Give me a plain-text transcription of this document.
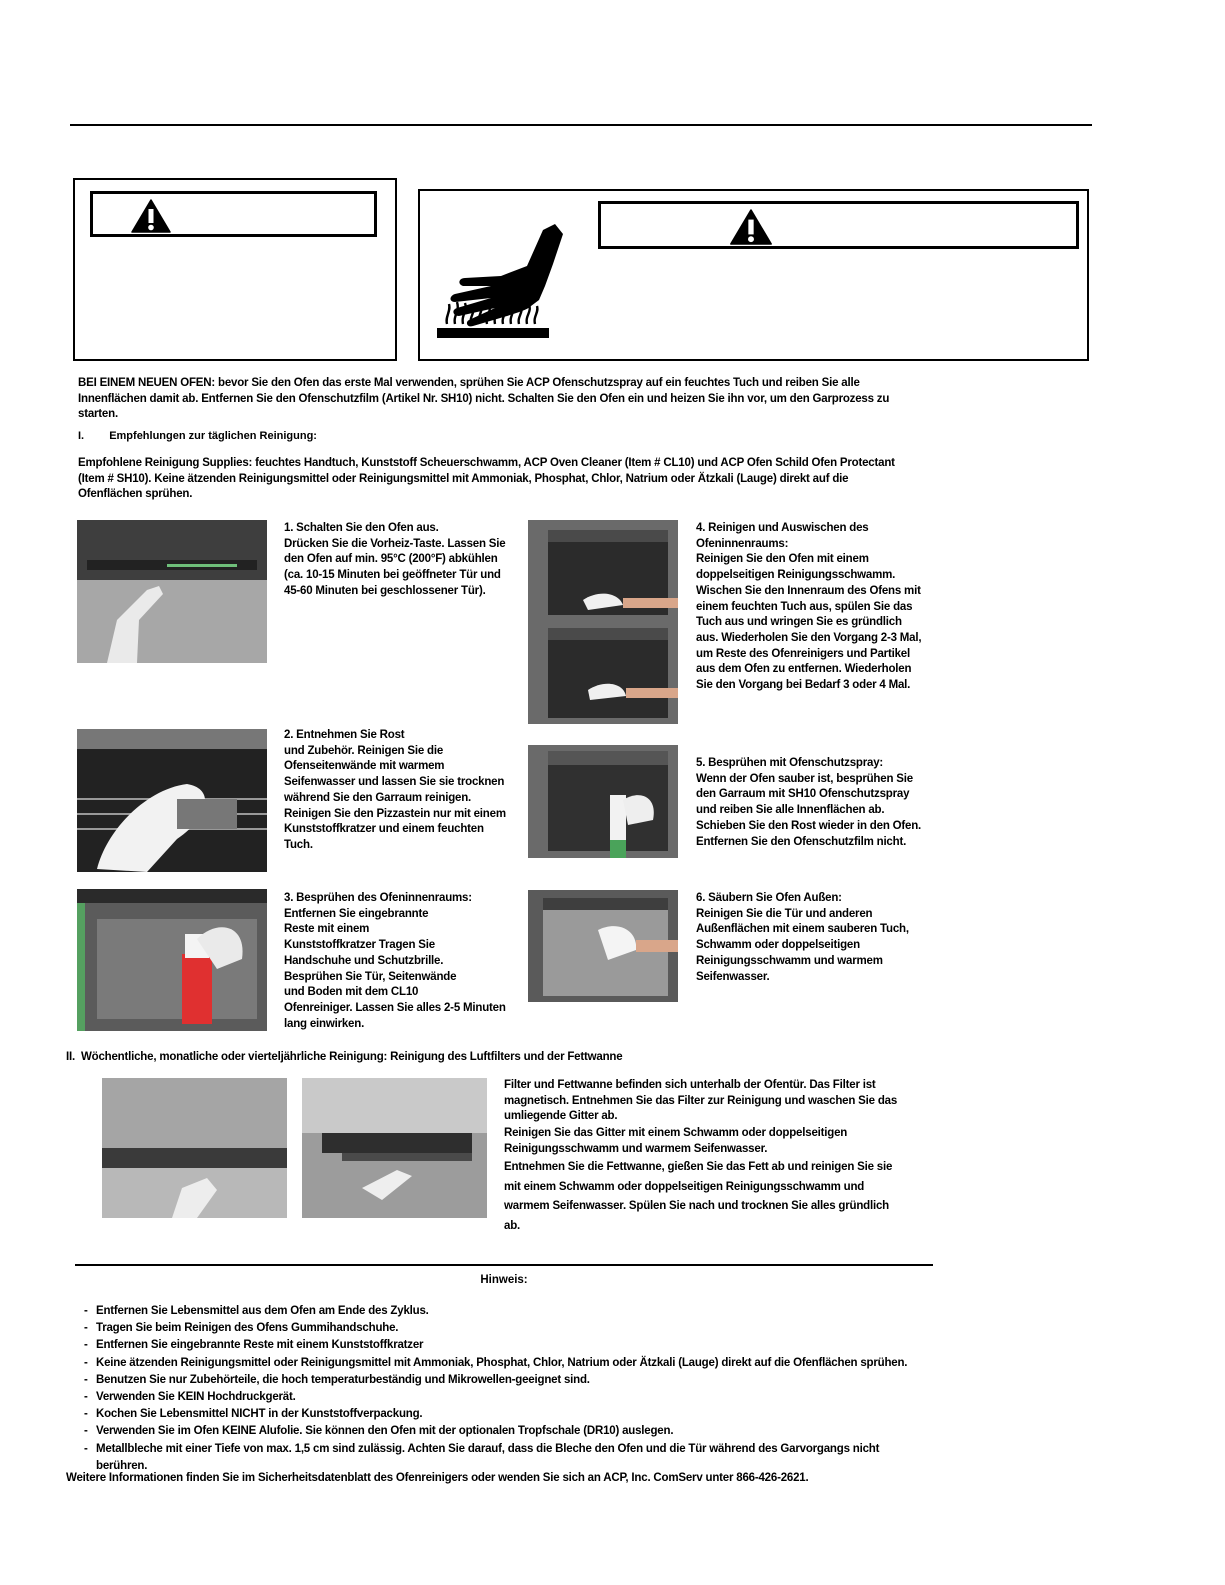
BEI EINEM NEUEN OFEN: bevor Sie den Ofen das erste Mal verwenden, sprühen Sie ACP Ofenschutzspray auf ein feuchtes Tuch und reiben Sie alle Innenflächen damit ab. Entfernen Sie den Ofenschutzfilm (Artikel Nr. SH10) nicht. Schalten Sie den Ofen ein und heizen Sie ihn vor, um den Garprozess zu starten.
I. Empfehlungen zur täglichen Reinigung:
Empfohlene Reinigung Supplies: feuchtes Handtuch, Kunststoff Scheuerschwamm, ACP Oven Cleaner (Item # CL10) und ACP Ofen Schild Ofen Protectant (Item # SH10). Keine ätzenden Reinigungsmittel oder Reinigungsmittel mit Ammoniak, Phosphat, Chlor, Natrium oder Ätzkali (Lauge) direkt auf die Ofenflächen sprühen.
1. Schalten Sie den Ofen aus.
Drücken Sie die Vorheiz-Taste. Lassen Sie den Ofen auf min. 95°C (200°F) abkühlen (ca. 10-15 Minuten bei geöffneter Tür und 45-60 Minuten bei geschlossener Tür).
2. Entnehmen Sie Rost
und Zubehör. Reinigen Sie die Ofenseitenwände mit warmem Seifenwasser und lassen Sie sie trocknen während Sie den Garraum reinigen. Reinigen Sie den Pizzastein nur mit einem Kunststoffkratzer und einem feuchten Tuch.
3. Besprühen des Ofeninnenraums:
Entfernen Sie eingebrannte Reste mit einem Kunststoffkratzer Tragen Sie Handschuhe und Schutzbrille. Besprühen Sie Tür, Seitenwände und Boden mit dem CL10
Ofenreiniger. Lassen Sie alles 2-5 Minuten lang einwirken.
4. Reinigen und Auswischen des Ofeninnenraums:
Reinigen Sie den Ofen mit einem doppelseitigen Reinigungsschwamm. Wischen Sie den Innenraum des Ofens mit einem feuchten Tuch aus, spülen Sie das Tuch aus und wringen Sie es gründlich aus. Wiederholen Sie den Vorgang 2-3 Mal, um Reste des Ofenreinigers und Partikel aus dem Ofen zu entfernen. Wiederholen Sie den Vorgang bei Bedarf 3 oder 4 Mal.
5. Besprühen mit Ofenschutzspray:
Wenn der Ofen sauber ist, besprühen Sie den Garraum mit SH10 Ofenschutzspray und reiben Sie alle Innenflächen ab. Schieben Sie den Rost wieder in den Ofen. Entfernen Sie den Ofenschutzfilm nicht.
6. Säubern Sie Ofen Außen:
Reinigen Sie die Tür und anderen Außenflächen mit einem sauberen Tuch, Schwamm oder doppelseitigen Reinigungsschwamm und warmem Seifenwasser.
II.  Wöchentliche, monatliche oder vierteljährliche Reinigung: Reinigung des Luftfilters und der Fettwanne
Filter und Fettwanne befinden sich unterhalb der Ofentür. Das Filter ist magnetisch. Entnehmen Sie das Filter zur Reinigung und waschen Sie das umliegende Gitter ab.
Reinigen Sie das Gitter mit einem Schwamm oder doppelseitigen Reinigungsschwamm und warmem Seifenwasser.
Entnehmen Sie die Fettwanne, gießen Sie das Fett ab und reinigen Sie sie mit einem Schwamm oder doppelseitigen Reinigungsschwamm und warmem Seifenwasser. Spülen Sie nach und trocknen Sie alles gründlich ab.
Hinweis:
- Entfernen Sie Lebensmittel aus dem Ofen am Ende des Zyklus.
- Tragen Sie beim Reinigen des Ofens Gummihandschuhe.
- Entfernen Sie eingebrannte Reste mit einem Kunststoffkratzer
- Keine ätzenden Reinigungsmittel oder Reinigungsmittel mit Ammoniak, Phosphat, Chlor, Natrium oder Ätzkali (Lauge) direkt auf die Ofenflächen sprühen.
- Benutzen Sie nur Zubehörteile, die hoch temperaturbeständig und Mikrowellen-geeignet sind.
- Verwenden Sie KEIN Hochdruckgerät.
- Kochen Sie Lebensmittel NICHT in der Kunststoffverpackung.
- Verwenden Sie im Ofen KEINE Alufolie. Sie können den Ofen mit der optionalen Tropfschale (DR10) auslegen.
- Metallbleche mit einer Tiefe von max. 1,5 cm sind zulässig. Achten Sie darauf, dass die Bleche den Ofen und die Tür während des Garvorgangs nicht berühren.
Weitere Informationen finden Sie im Sicherheitsdatenblatt des Ofenreinigers oder wenden Sie sich an ACP, Inc. ComServ unter 866-426-2621.
